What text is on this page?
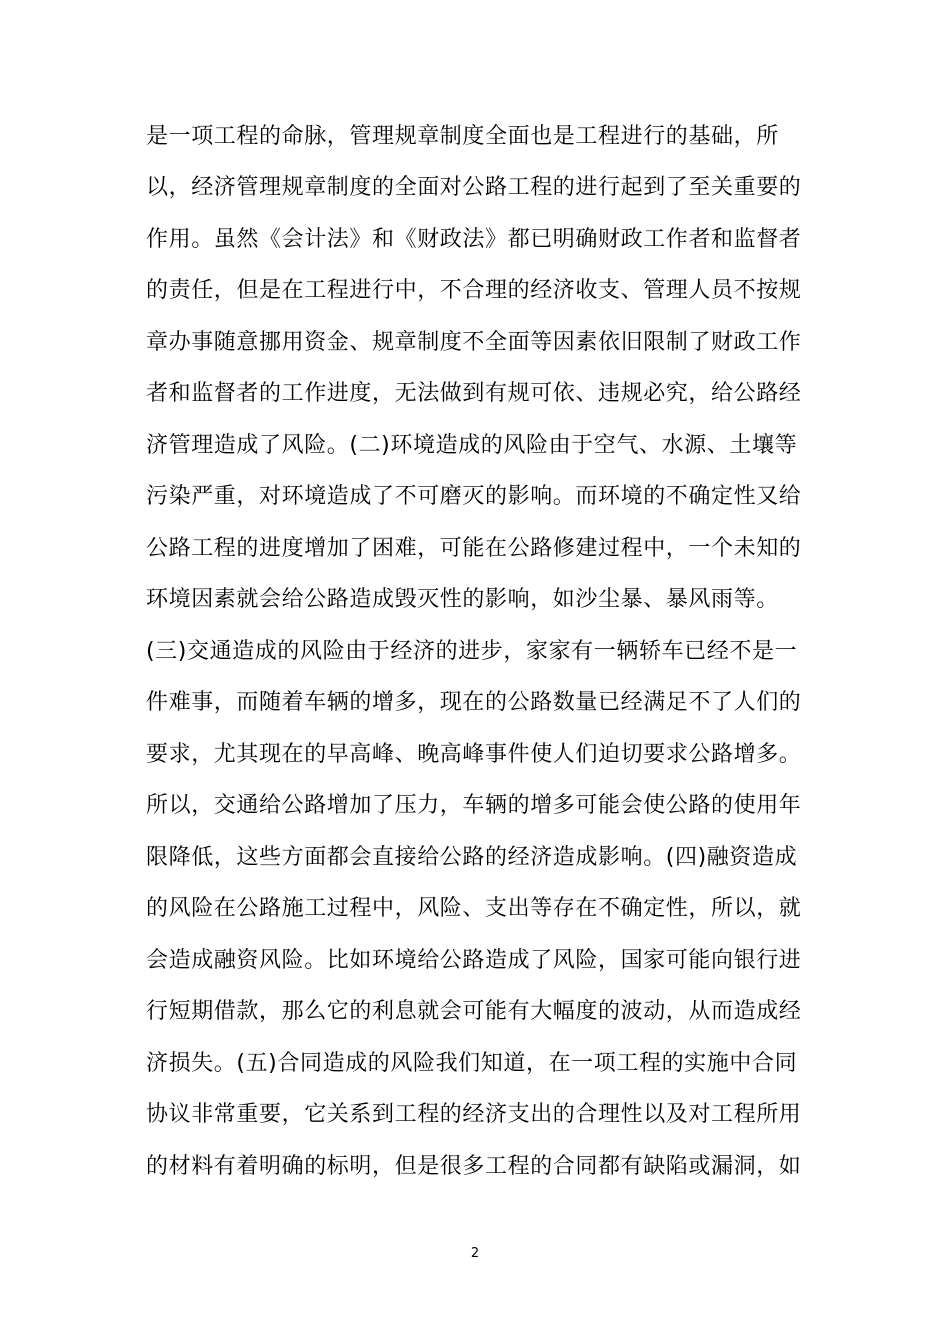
是一项工程的命脉，管理规章制度全面也是工程进行的基础，所
以，经济管理规章制度的全面对公路工程的进行起到了至关重要的
作用。虽然《会计法》和《财政法》都已明确财政工作者和监督者
的责任，但是在工程进行中，不合理的经济收支、管理人员不按规
章办事随意挪用资金、规章制度不全面等因素依旧限制了财政工作
者和监督者的工作进度，无法做到有规可依、违规必究，给公路经
济管理造成了风险。(二)环境造成的风险由于空气、水源、土壤等
污染严重，对环境造成了不可磨灭的影响。而环境的不确定性又给
公路工程的进度增加了困难，可能在公路修建过程中，一个未知的
环境因素就会给公路造成毁灭性的影响，如沙尘暴、暴风雨等。
(三)交通造成的风险由于经济的进步，家家有一辆轿车已经不是一
件难事，而随着车辆的增多，现在的公路数量已经满足不了人们的
要求，尤其现在的早高峰、晚高峰事件使人们迫切要求公路增多。
所以，交通给公路增加了压力，车辆的增多可能会使公路的使用年
限降低，这些方面都会直接给公路的经济造成影响。(四)融资造成
的风险在公路施工过程中，风险、支出等存在不确定性，所以，就
会造成融资风险。比如环境给公路造成了风险，国家可能向银行进
行短期借款，那么它的利息就会可能有大幅度的波动，从而造成经
济损失。(五)合同造成的风险我们知道，在一项工程的实施中合同
协议非常重要，它关系到工程的经济支出的合理性以及对工程所用
的材料有着明确的标明，但是很多工程的合同都有缺陷或漏洞，如
2
